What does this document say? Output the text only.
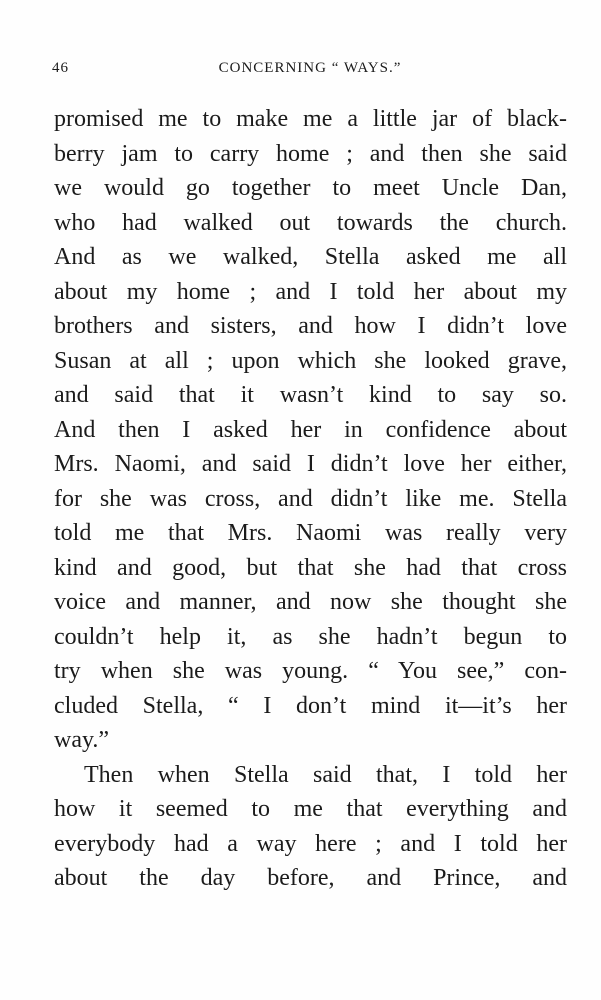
46	CONCERNING “ WAYS.”
promised me to make me a little jar of black-
berry jam to carry home ; and then she said
we would go together to meet Uncle Dan,
who had walked out towards the church.
And as we walked, Stella asked me all
about my home ; and I told her about my
brothers and sisters, and how I didn’t love
Susan at all ; upon which she looked grave,
and said that it wasn’t kind to say so.
And then I asked her in confidence about
Mrs. Naomi, and said I didn’t love her either,
for she was cross, and didn’t like me. Stella
told me that Mrs. Naomi was really very
kind and good, but that she had that cross
voice and manner, and now she thought she
couldn’t help it, as she hadn’t begun to
try when she was young. “ You see,” con-
cluded Stella, “ I don’t mind it—it’s her
way.”
Then when Stella said that, I told her
how it seemed to me that everything and
everybody had a way here ; and I told her
about the day before, and Prince, and
